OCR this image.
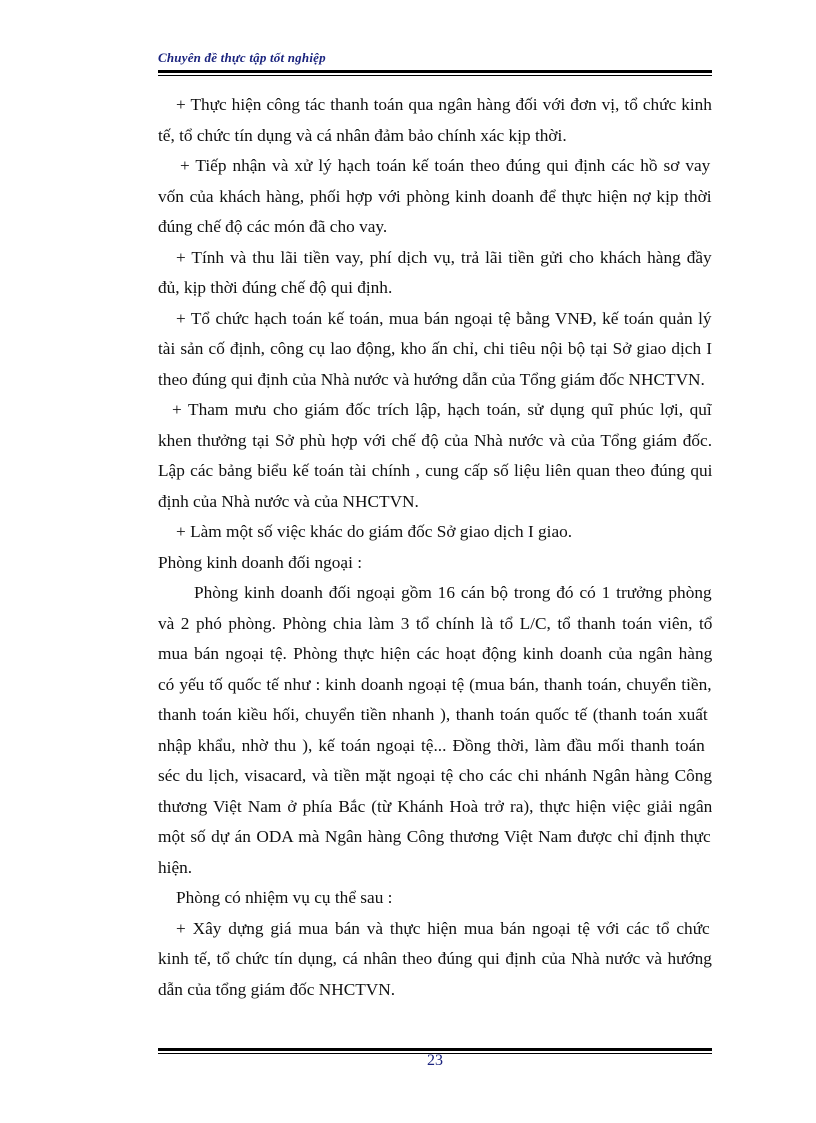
Chuyên đề thực tập tốt nghiệp
+ Thực hiện công tác thanh toán qua ngân hàng đối với đơn vị, tổ chức kinh
tế, tổ chức tín dụng và cá nhân đảm bảo chính xác kịp thời.
+ Tiếp nhận và xử lý hạch toán kế toán theo đúng qui định các hồ sơ vay
vốn của khách hàng, phối hợp với phòng kinh doanh để thực hiện nợ kịp thời
đúng chế độ các món đã cho vay.
+ Tính và thu lãi tiền vay, phí dịch vụ, trả lãi tiền gửi cho khách hàng đầy
đủ, kịp thời đúng chế độ qui định.
+ Tổ chức hạch toán kế toán, mua bán ngoại tệ bằng VNĐ, kế toán quản lý
tài sản cố định, công cụ lao động, kho ấn chỉ, chi tiêu nội bộ tại Sở giao dịch I
theo đúng qui định của Nhà nước và hướng dẫn của Tổng giám đốc NHCTVN.
+ Tham mưu cho giám đốc trích lập, hạch toán, sử dụng quĩ phúc lợi, quĩ
khen thưởng tại Sở phù hợp với chế độ của Nhà nước và của Tổng giám đốc.
Lập các bảng biểu kế toán tài chính , cung cấp số liệu liên quan theo đúng qui
định của Nhà nước và của NHCTVN.
+ Làm một số việc khác do giám đốc Sở giao dịch I giao.
Phòng kinh doanh đối ngoại :
Phòng kinh doanh đối ngoại gồm 16 cán bộ trong đó có 1 trưởng phòng
và 2 phó phòng. Phòng chia làm 3 tổ chính là tổ L/C, tổ thanh toán viên, tổ
mua bán ngoại tệ. Phòng thực hiện các hoạt động kinh doanh của ngân hàng
có yếu tố quốc tế như : kinh doanh ngoại tệ (mua bán, thanh toán, chuyển tiền,
thanh toán kiều hối, chuyển tiền nhanh ), thanh toán quốc tế (thanh toán xuất
nhập khẩu, nhờ thu ), kế toán ngoại tệ... Đồng thời, làm đầu mối thanh toán
séc du lịch, visacard, và tiền mặt ngoại tệ cho các chi nhánh Ngân hàng Công
thương Việt Nam ở phía Bắc (từ Khánh Hoà trở ra), thực hiện việc giải ngân
một số dự án ODA mà Ngân hàng Công thương Việt Nam được chỉ định thực
hiện.
Phòng có nhiệm vụ cụ thể sau :
+ Xây dựng giá mua bán và thực hiện mua bán ngoại tệ với các tổ chức
kinh tế, tổ chức tín dụng, cá nhân theo đúng qui định của Nhà nước và hướng
dẫn của tổng giám đốc NHCTVN.
23
